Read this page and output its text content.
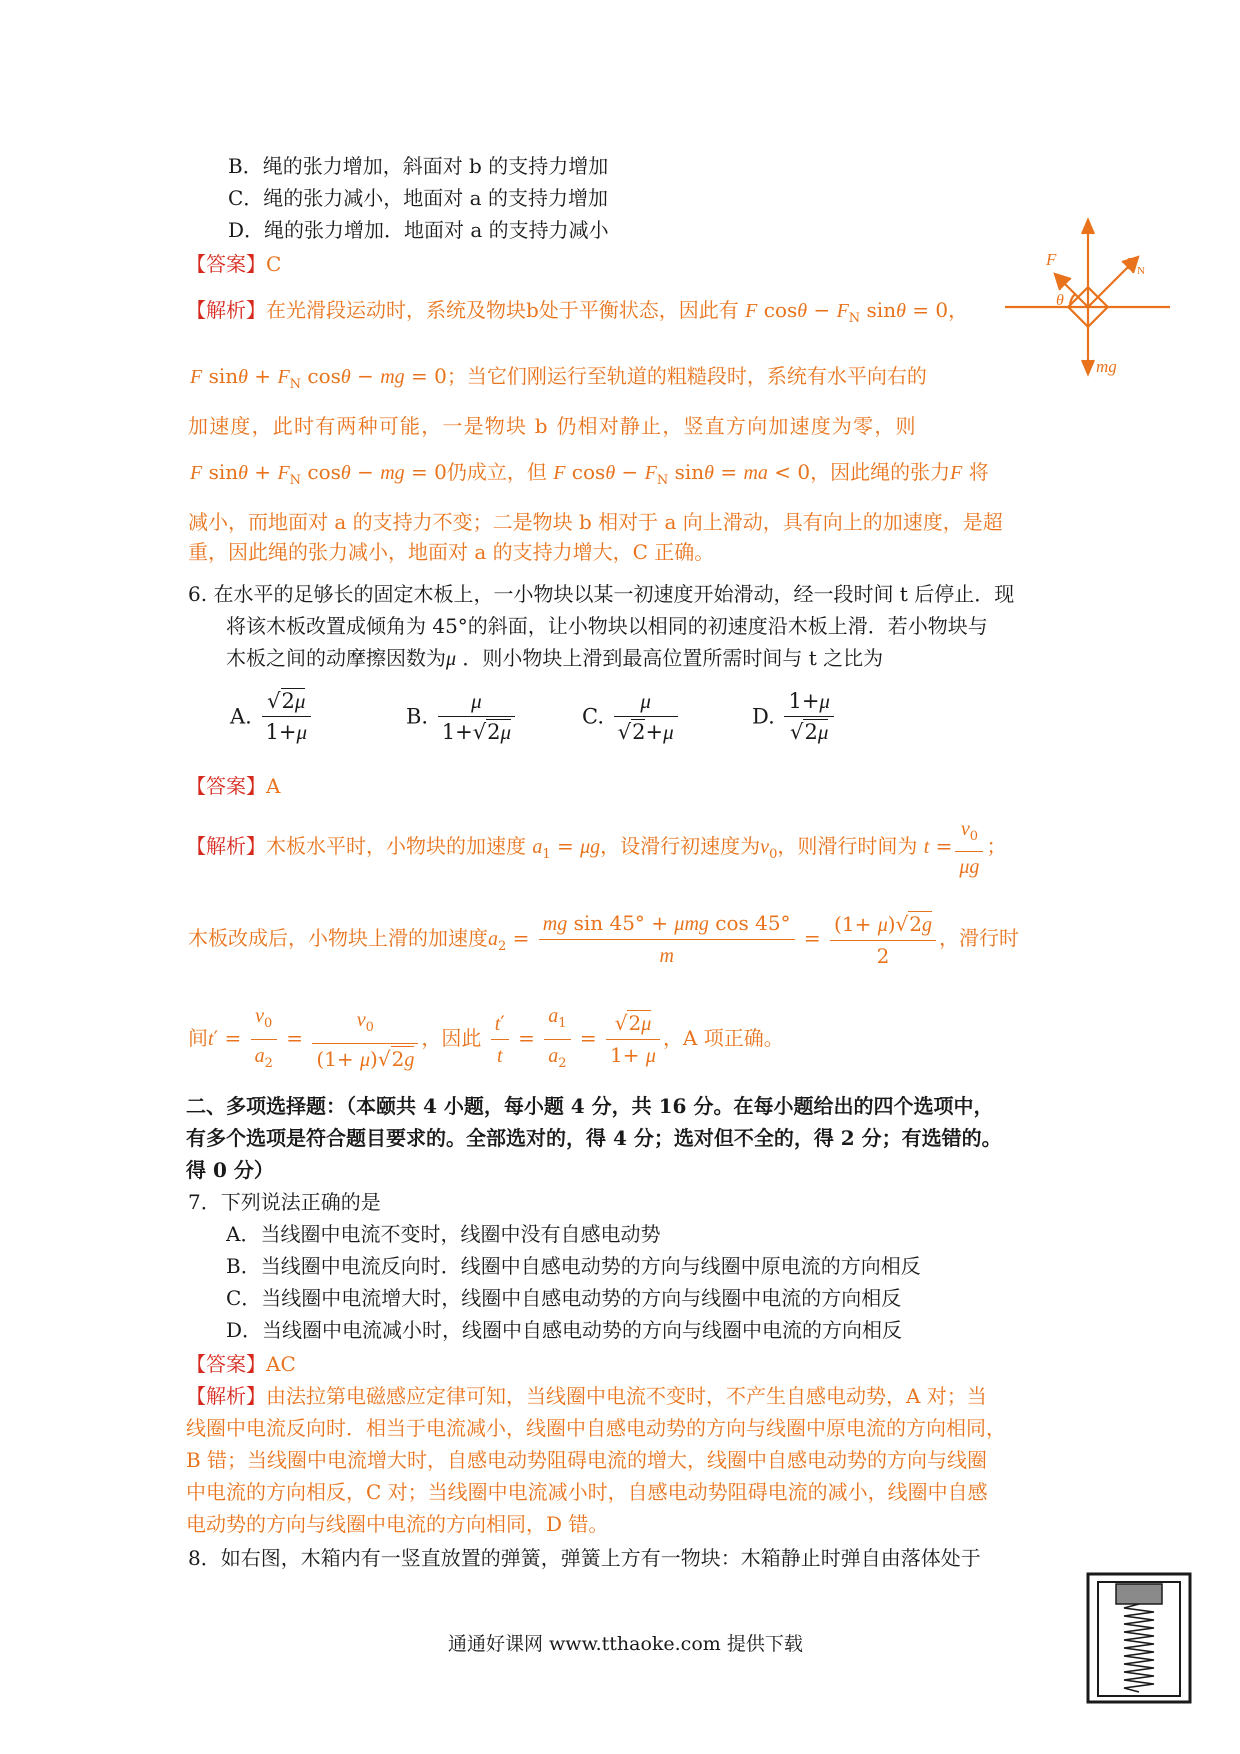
B．绳的张力增加，斜面对 b 的支持力增加
C．绳的张力减小，地面对 a 的支持力增加
D．绳的张力增加．地面对 a 的支持力减小
【答案】C
【解析】在光滑段运动时，系统及物块b处于平衡状态，因此有 F $\cos\theta - F_N$ sinθ = 0，
F $\sin\theta + F_N$ cosθ − mg = 0；当它们刚运行至轨道的粗糙段时，系统有水平向右的
加速度，此时有两种可能，一是物块 b 仍相对静止，竖直方向加速度为零，则
F $\sin\theta + F_N$ cosθ − mg = 0仍成立，但 F $\cos\theta - F_N$ sinθ = ma < 0，因此绳的张力F 将
减小，而地面对 a 的支持力不变；二是物块 b 相对于 a 向上滑动，具有向上的加速度，是超
重，因此绳的张力减小，地面对 a 的支持力增大，C 正确。
F	F N
θ
mg
6. 在水平的足够长的固定木板上，一小物块以某一初速度开始滑动，经一段时间 t 后停止．现
将该木板改置成倾角为 45°的斜面，让小物块以相同的初速度沿木板上滑．若小物块与
木板之间的动摩擦因数为μ ．则小物块上滑到最高位置所需时间与 t 之比为
A. $\frac{√2\mu}{1+\mu}$	B. $\frac{\mu}{1+√2\mu}$	C. $\frac{\mu}{√2+\mu}$	D. $\frac{1+\mu}{√2\mu}$
【答案】A
【解析】木板水平时，小物块的加速度 $a_1 = \mu g$，设滑行初速度为$v_0$，则滑行时间为 $t = \frac{v_0}{\mu g}$ ；
木板改成后，小物块上滑的加速度$a_2 = \frac{\text{mg sin 45° + μmg cos 45°}}{m} = \frac{(1+ \mu)√2g}{2}$ ，滑行时
间$t' = \frac{v_0}{a_2} = \frac{v_0}{(1+ \mu)√2g}$ ，因此 $\frac{t'}{t} = \frac{a_1}{a_2} = \frac{√2\mu}{1+ \mu}$ ，A 项正确。
二、多项选择题：（本颐共 4 小题，每小题 4 分，共 16 分。在每小题给出的四个选项中，
有多个选项是符合题目要求的。全部选对的，得 4 分；选对但不全的，得 2 分；有选错的。
得 0 分）
7．下列说法正确的是
A．当线圈中电流不变时，线圈中没有自感电动势
B．当线圈中电流反向时．线圈中自感电动势的方向与线圈中原电流的方向相反
C．当线圈中电流增大时，线圈中自感电动势的方向与线圈中电流的方向相反
D．当线圈中电流减小时，线圈中自感电动势的方向与线圈中电流的方向相反
【答案】AC
【解析】由法拉第电磁感应定律可知，当线圈中电流不变时，不产生自感电动势，A 对；当
线圈中电流反向时．相当于电流减小，线圈中自感电动势的方向与线圈中原电流的方向相同，
B 错；当线圈中电流增大时，自感电动势阻碍电流的增大，线圈中自感电动势的方向与线圈
中电流的方向相反，C 对；当线圈中电流减小时，自感电动势阻碍电流的减小，线圈中自感
电动势的方向与线圈中电流的方向相同，D 错。
8．如右图，木箱内有一竖直放置的弹簧，弹簧上方有一物块：木箱静止时弹自由落体处于
通通好课网 www.tthaoke.com 提供下载
